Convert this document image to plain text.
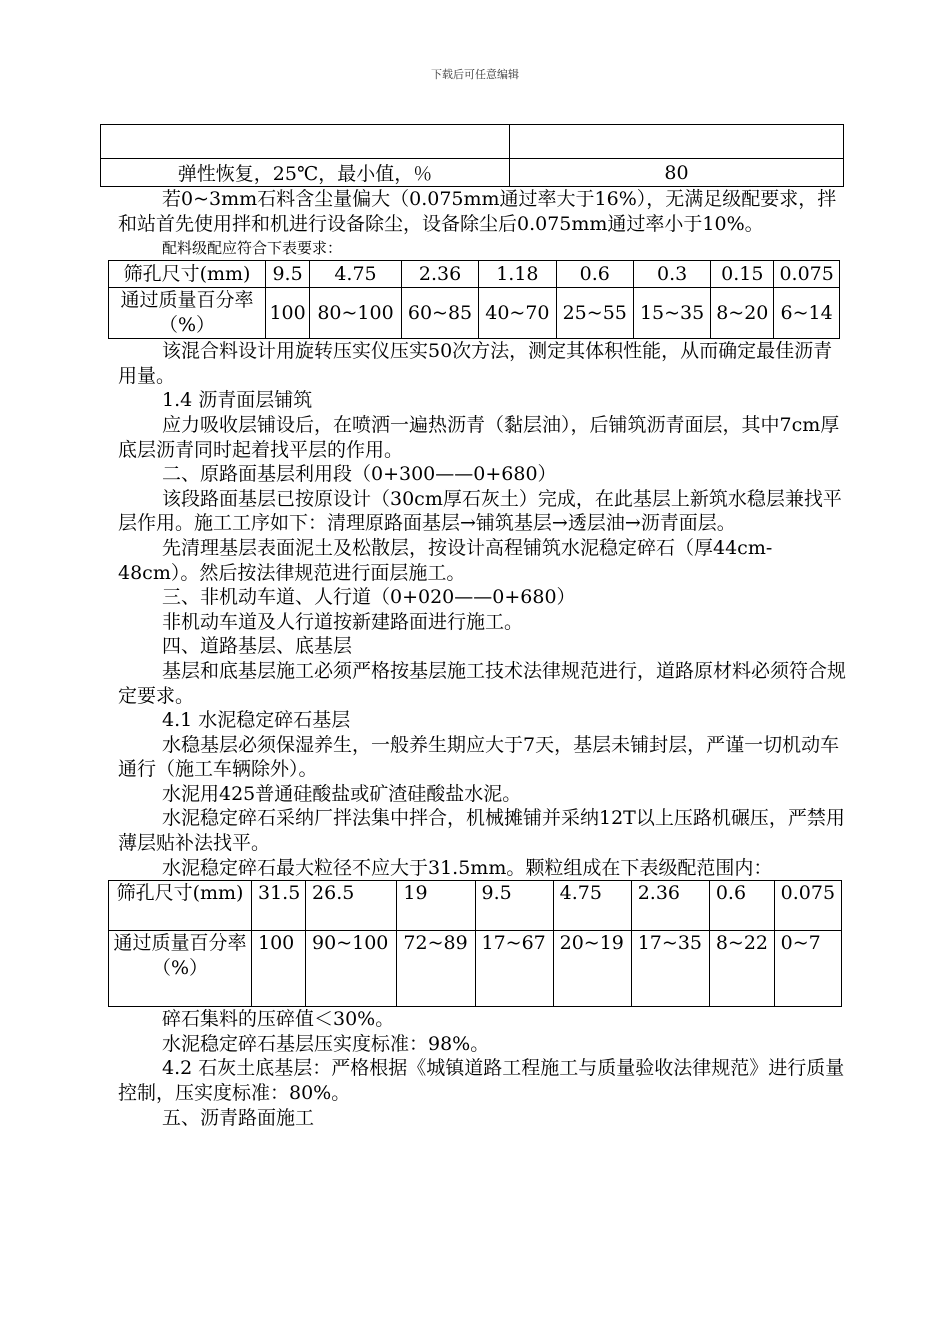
下载后可任意编辑

弹性恢复，25℃，最小值，％	80

若0~3mm石料含尘量偏大（0.075mm通过率大于16%），无满足级配要求，拌和站首先使用拌和机进行设备除尘，设备除尘后0.075mm通过率小于10%。

配料级配应符合下表要求：

筛孔尺寸(mm)	9.5	4.75	2.36	1.18	0.6	0.3	0.15	0.075
通过质量百分率（%）	100	80~100	60~85	40~70	25~55	15~35	8~20	6~14

该混合料设计用旋转压实仪压实50次方法，测定其体积性能，从而确定最佳沥青用量。

1.4 沥青面层铺筑

应力吸收层铺设后，在喷洒一遍热沥青（黏层油），后铺筑沥青面层，其中7cm厚底层沥青同时起着找平层的作用。

二、原路面基层利用段（0+300——0+680）

该段路面基层已按原设计（30cm厚石灰土）完成，在此基层上新筑水稳层兼找平层作用。施工工序如下：清理原路面基层→铺筑基层→透层油→沥青面层。

先清理基层表面泥土及松散层，按设计高程铺筑水泥稳定碎石（厚44cm-48cm）。然后按法律规范进行面层施工。

三、非机动车道、人行道（0+020——0+680）

非机动车道及人行道按新建路面进行施工。

四、道路基层、底基层

基层和底基层施工必须严格按基层施工技术法律规范进行，道路原材料必须符合规定要求。

4.1 水泥稳定碎石基层

水稳基层必须保湿养生，一般养生期应大于7天，基层未铺封层，严谨一切机动车通行（施工车辆除外）。

水泥用425普通硅酸盐或矿渣硅酸盐水泥。

水泥稳定碎石采纳厂拌法集中拌合，机械摊铺并采纳12T以上压路机碾压，严禁用薄层贴补法找平。

水泥稳定碎石最大粒径不应大于31.5mm。颗粒组成在下表级配范围内：

筛孔尺寸(mm)	31.5	26.5	19	9.5	4.75	2.36	0.6	0.075
通过质量百分率（%）	100	90~100	72~89	17~67	20~19	17~35	8~22	0~7

碎石集料的压碎值＜30%。

水泥稳定碎石基层压实度标准：98%。

4.2 石灰土底基层：严格根据《城镇道路工程施工与质量验收法律规范》进行质量控制，压实度标准：80%。

五、沥青路面施工
